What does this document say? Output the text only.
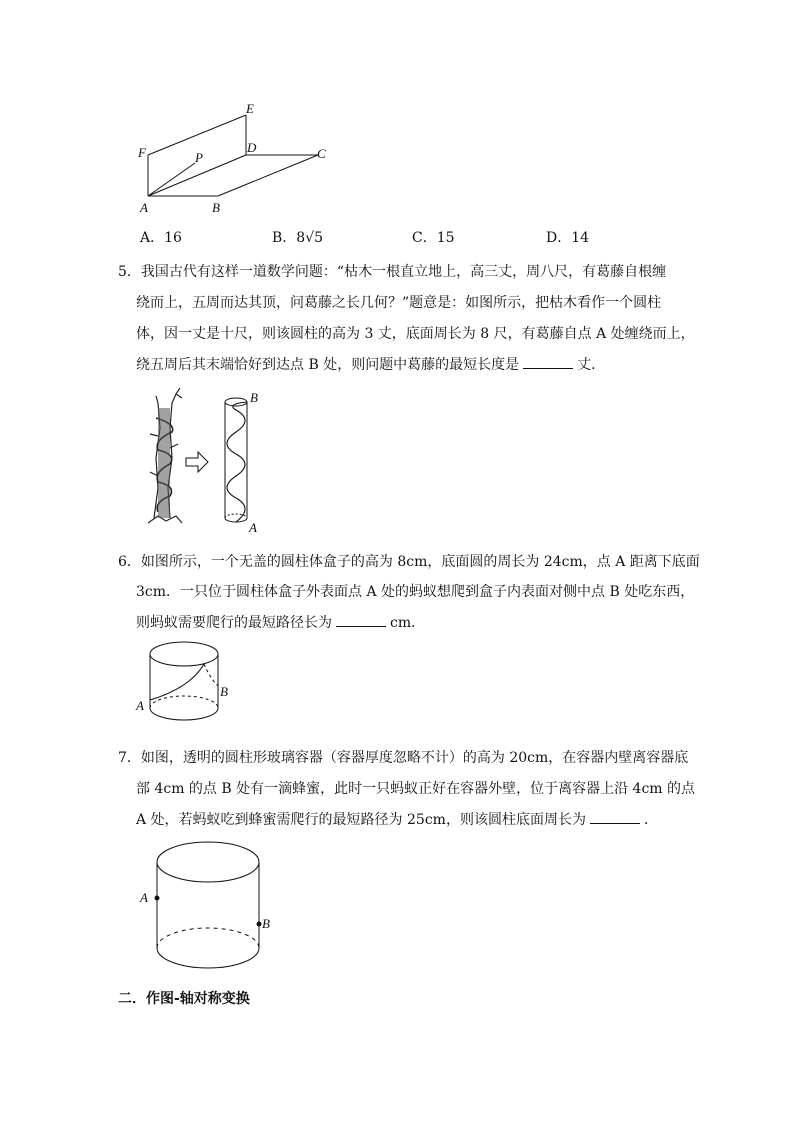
E
F	P
D	C
A	B
A．16	B．8√5	C．15	D．14
5．我国古代有这样一道数学问题：“枯木一根直立地上，高三丈，周八尺，有葛藤自根缠
绕而上，五周而达其顶，问葛藤之长几何？”题意是：如图所示，把枯木看作一个圆柱
体，因一丈是十尺，则该圆柱的高为 3 丈，底面周长为 8 尺，有葛藤自点 A 处缠绕而上，
绕五周后其末端恰好到达点 B 处，则问题中葛藤的最短长度是	丈．
B
A
6．如图所示，一个无盖的圆柱体盒子的高为 8cm，底面圆的周长为 24cm，点 A 距离下底面
3cm．一只位于圆柱体盒子外表面点 A 处的蚂蚁想爬到盒子内表面对侧中点 B 处吃东西，
则蚂蚁需要爬行的最短路径长为	cm．
A
B
7．如图，透明的圆柱形玻璃容器（容器厚度忽略不计）的高为 20cm，在容器内壁离容器底
部 4cm 的点 B 处有一滴蜂蜜，此时一只蚂蚁正好在容器外壁，位于离容器上沿 4cm 的点
A 处，若蚂蚁吃到蜂蜜需爬行的最短路径为 25cm，则该圆柱底面周长为	．
A
B
二．作图-轴对称变换
